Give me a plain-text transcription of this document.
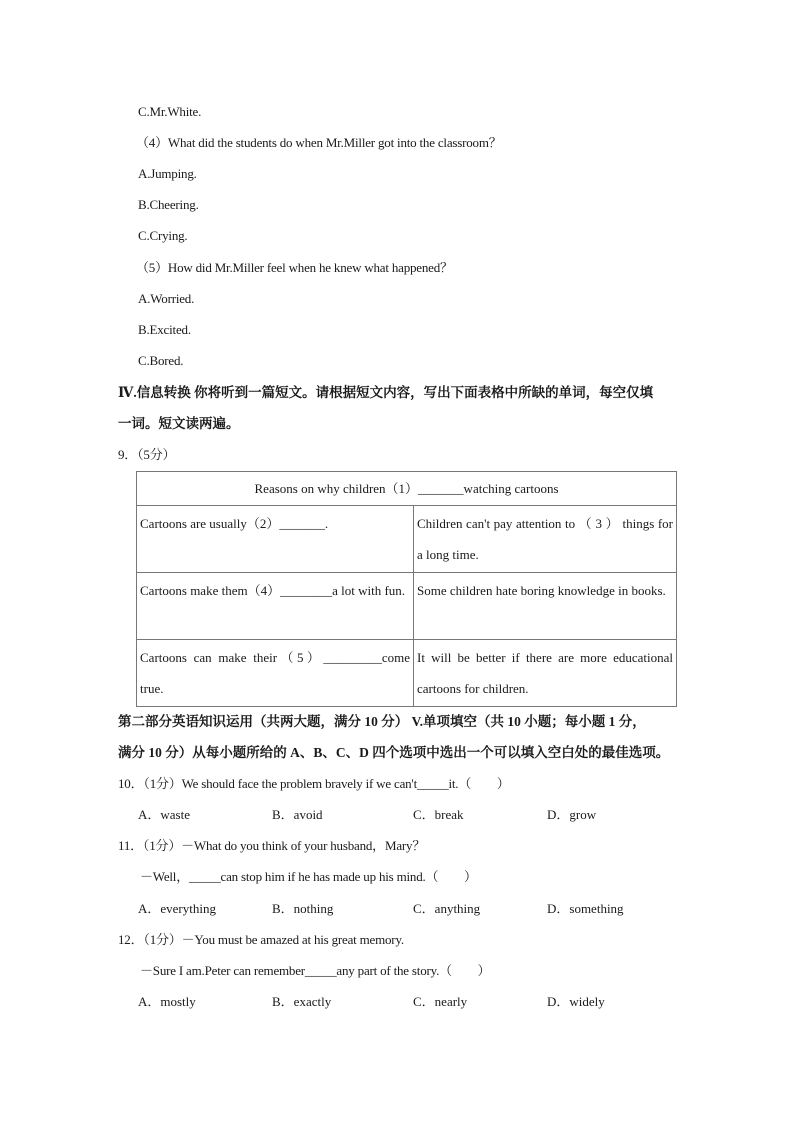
C.Mr.White.
（4）What did the students do when Mr.Miller got into the classroom？
A.Jumping.
B.Cheering.
C.Crying.
（5）How did Mr.Miller feel when he knew what happened？
A.Worried.
B.Excited.
C.Bored.
Ⅳ.信息转换 你将听到一篇短文。请根据短文内容，写出下面表格中所缺的单词，每空仅填
一词。短文读两遍。
9．（5分）
Reasons on why children（1）_______watching cartoons	
Cartoons are usually（2）_______.	Children can't pay attention to （ 3 ） things for a long time.
Cartoons make them（4）________a lot with fun.	Some children hate boring knowledge in books.
Cartoons can make their（5）_________come true.	It will be better if there are more educational cartoons for children.
第二部分英语知识运用（共两大题，满分 10 分） V.单项填空（共 10 小题；每小题 1 分，
满分 10 分）从每小题所给的 A、B、C、D 四个选项中选出一个可以填入空白处的最佳选项。
10．（1分）We should face the problem bravely if we can't_____it.（　　）
A．waste	B．avoid	C．break	D．grow
11．（1分）－What do you think of your husband，Mary？
－Well，_____can stop him if he has made up his mind.（　　）
A．everything	B．nothing	C．anything	D．something
12．（1分）－You must be amazed at his great memory.
－Sure I am.Peter can remember_____any part of the story.（　　）
A．mostly	B．exactly	C．nearly	D．widely
